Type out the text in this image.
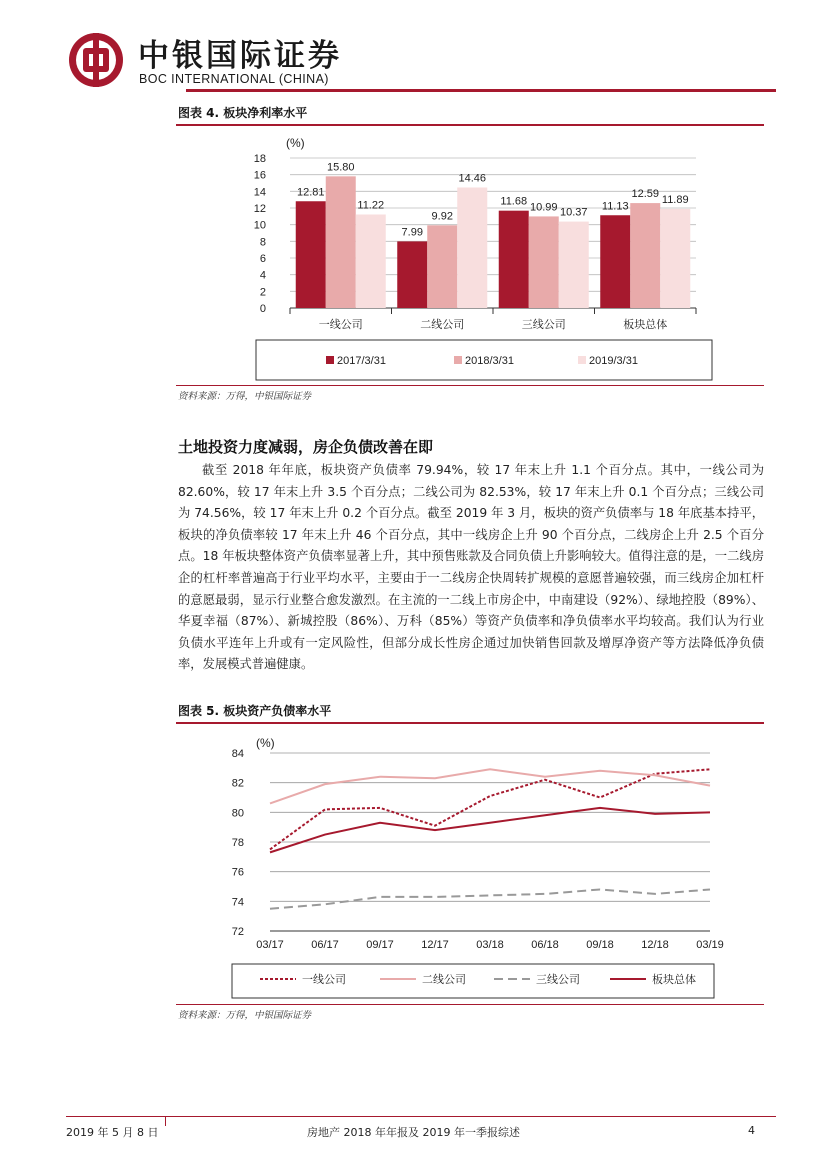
中银国际证券
BOC INTERNATIONAL (CHINA)
图表 4. 板块净利率水平
12.81
15.80
11.22
7.99
9.92
14.46
11.68 10.99 10.37
11.13
12.59 11.89
0
2
4
6
8
10
12
14
16
18
一线公司	二线公司	三线公司	板块总体
(%)
2017/3/31	2018/3/31	2019/3/31
资料来源：万得，中银国际证券
土地投资力度减弱，房企负债改善在即
截至 2018 年年底，板块资产负债率 79.94%，较 17 年末上升 1.1 个百分点。其中，一线公司为 82.60%，较 17 年末上升 3.5 个百分点；二线公司为 82.53%，较 17 年末上升 0.1 个百分点；三线公司为 74.56%，较 17 年末上升 0.2 个百分点。截至 2019 年 3 月，板块的资产负债率与 18 年底基本持平，板块的净负债率较 17 年末上升 46 个百分点，其中一线房企上升 90 个百分点，二线房企上升 2.5 个百分点。18 年板块整体资产负债率显著上升，其中预售账款及合同负债上升影响较大。值得注意的是，一二线房企的杠杆率普遍高于行业平均水平，主要由于一二线房企快周转扩规模的意愿普遍较强，而三线房企加杠杆的意愿最弱，显示行业整合愈发激烈。在主流的一二线上市房企中，中南建设（92%）、绿地控股（89%）、华夏幸福（87%）、新城控股（86%）、万科（85%）等资产负债率和净负债率水平均较高。我们认为行业负债水平连年上升或有一定风险性，但部分成长性房企通过加快销售回款及增厚净资产等方法降低净负债率，发展模式普遍健康。
图表 5. 板块资产负债率水平
72
74
76
78
80
82
84
03/17 06/17 09/17 12/17 03/18 06/18 09/18 12/18 03/19
(%)
一线公司	二线公司	三线公司	板块总体
资料来源：万得，中银国际证券
2019 年 5 月 8 日	房地产 2018 年年报及 2019 年一季报综述	4
